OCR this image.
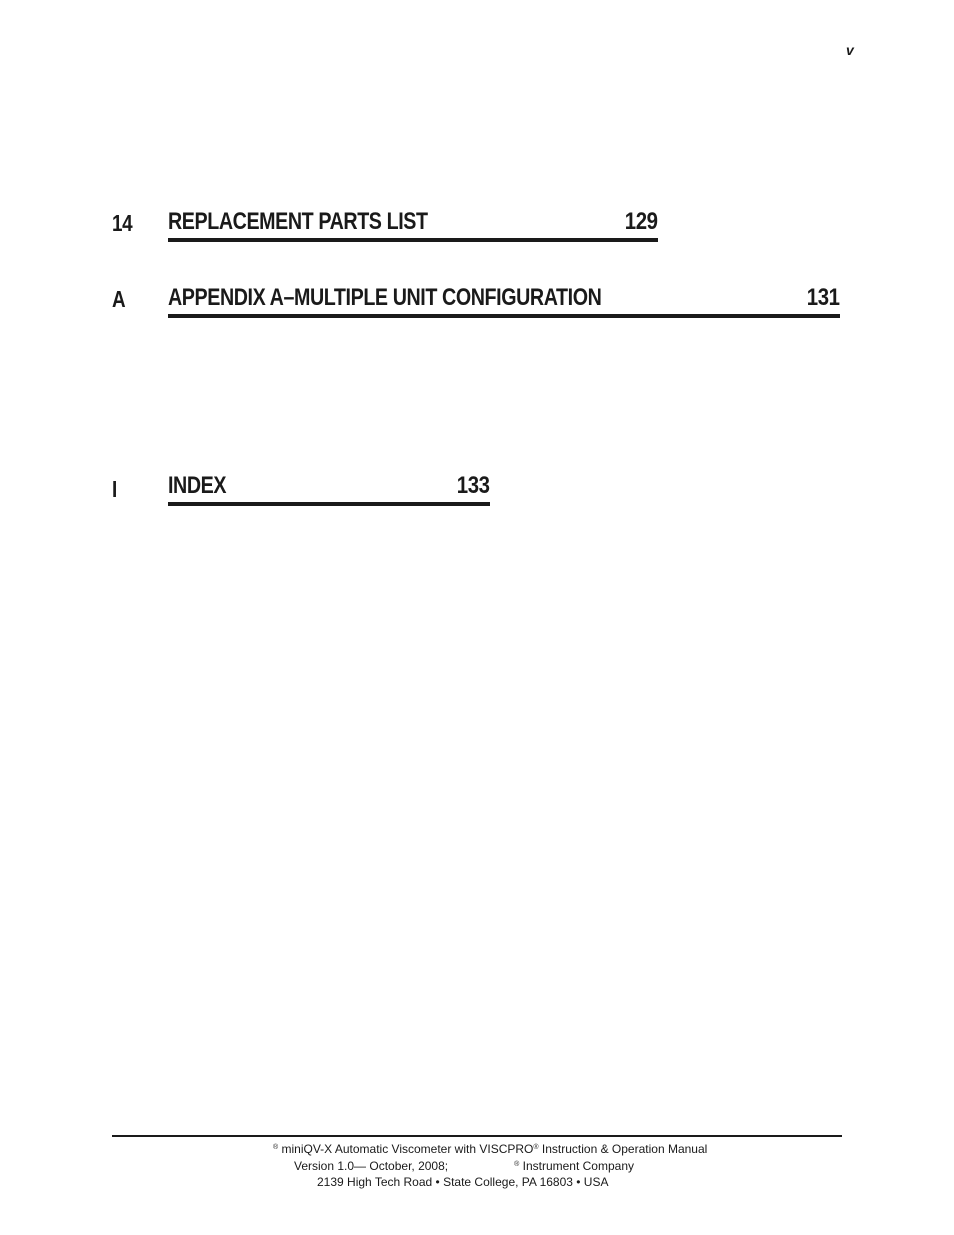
v
14 REPLACEMENT PARTS LIST	129
A APPENDIX A–MULTIPLE UNIT CONFIGURATION	131
I INDEX	133
® miniQV-X Automatic Viscometer with VISCPRO® Instruction & Operation Manual
Version 1.0— October, 2008;	® Instrument Company
2139 High Tech Road • State College, PA 16803 • USA
